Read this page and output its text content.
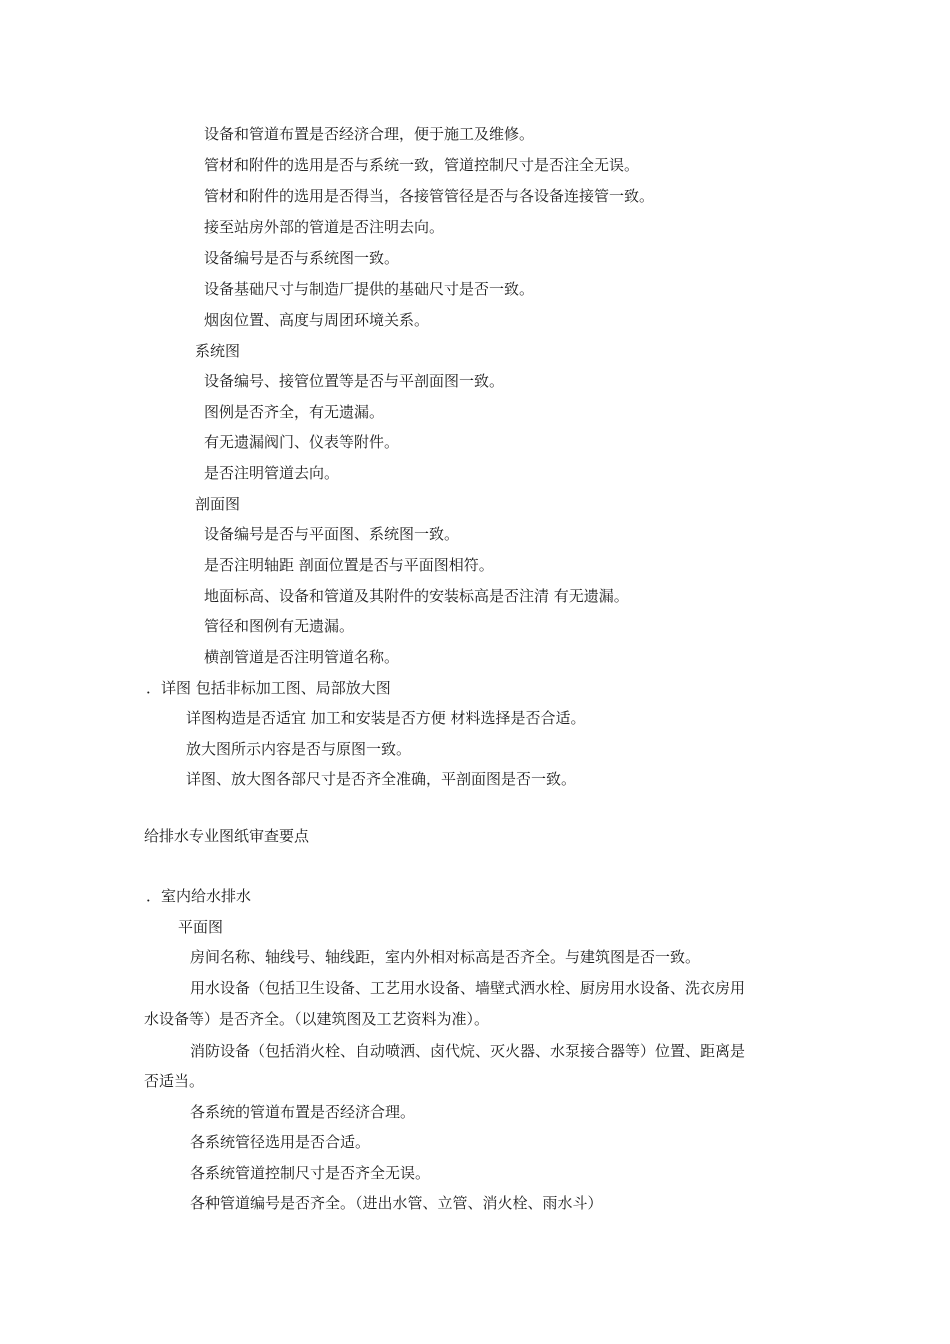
设备和管道布置是否经济合理，便于施工及维修。
管材和附件的选用是否与系统一致，管道控制尺寸是否注全无误。
管材和附件的选用是否得当，各接管管径是否与各设备连接管一致。
接至站房外部的管道是否注明去向。
设备编号是否与系统图一致。
设备基础尺寸与制造厂提供的基础尺寸是否一致。
烟囱位置、高度与周团环境关系。
系统图
设备编号、接管位置等是否与平剖面图一致。
图例是否齐全，有无遗漏。
有无遗漏阀门、仪表等附件。
是否注明管道去向。
剖面图
设备编号是否与平面图、系统图一致。
是否注明轴距 剖面位置是否与平面图相符。
地面标高、设备和管道及其附件的安装标高是否注清 有无遗漏。
管径和图例有无遗漏。
横剖管道是否注明管道名称。
．详图 包括非标加工图、局部放大图
详图构造是否适宜 加工和安装是否方便 材料选择是否合适。
放大图所示内容是否与原图一致。
详图、放大图各部尺寸是否齐全准确，平剖面图是否一致。
给排水专业图纸审查要点
．室内给水排水
平面图
房间名称、轴线号、轴线距，室内外相对标高是否齐全。与建筑图是否一致。
用水设备（包括卫生设备、工艺用水设备、墙壁式洒水栓、厨房用水设备、洗衣房用
水设备等）是否齐全。（以建筑图及工艺资料为准）。
消防设备（包括消火栓、自动喷洒、卤代烷、灭火器、水泵接合器等）位置、距离是
否适当。
各系统的管道布置是否经济合理。
各系统管径选用是否合适。
各系统管道控制尺寸是否齐全无误。
各种管道编号是否齐全。（进出水管、立管、消火栓、雨水斗）
